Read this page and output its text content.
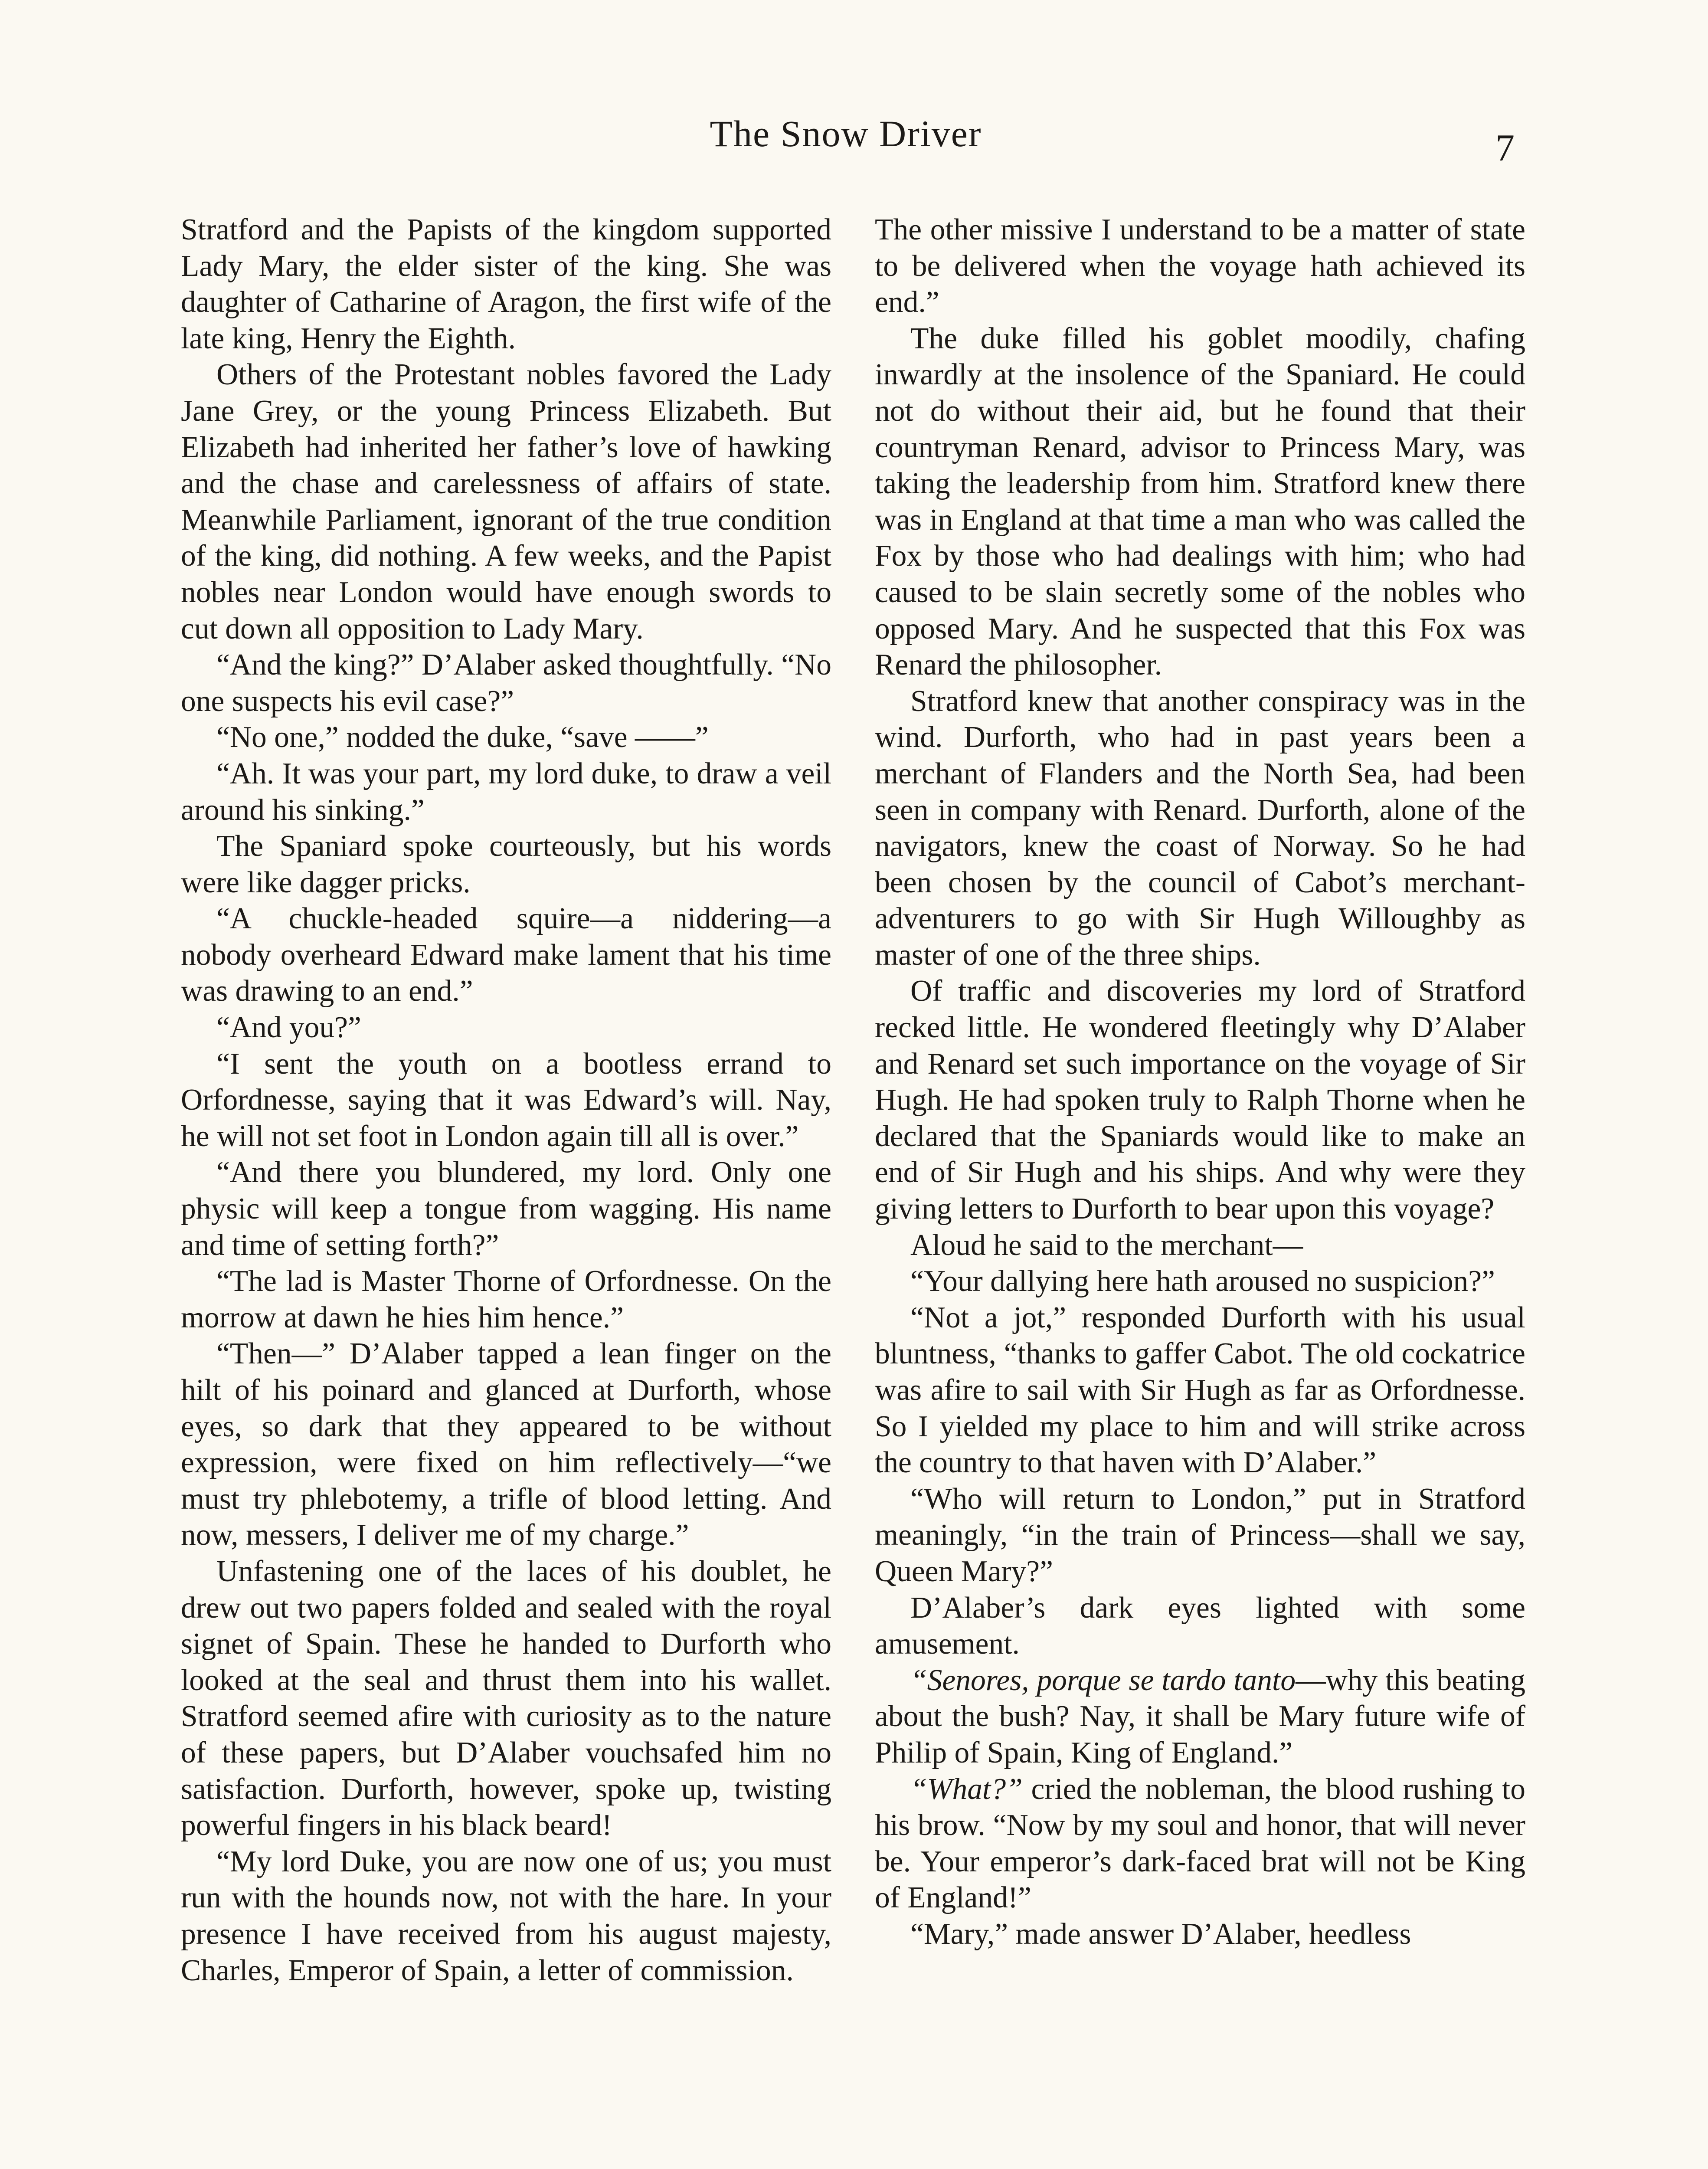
The Snow Driver	7

Stratford and the Papists of the kingdom supported Lady Mary, the elder sister of the king. She was daughter of Catharine of Aragon, the first wife of the late king, Henry the Eighth.

Others of the Protestant nobles favored the Lady Jane Grey, or the young Princess Elizabeth. But Elizabeth had inherited her father’s love of hawking and the chase and carelessness of affairs of state. Meanwhile Parliament, ignorant of the true condition of the king, did nothing. A few weeks, and the Papist nobles near London would have enough swords to cut down all opposition to Lady Mary.

“And the king?” D’Alaber asked thoughtfully. “No one suspects his evil case?”

“No one,” nodded the duke, “save ——”

“Ah. It was your part, my lord duke, to draw a veil around his sinking.”

The Spaniard spoke courteously, but his words were like dagger pricks.

“A chuckle-headed squire—a niddering—a nobody overheard Edward make lament that his time was drawing to an end.”

“And you?”

“I sent the youth on a bootless errand to Orfordnesse, saying that it was Edward’s will. Nay, he will not set foot in London again till all is over.”

“And there you blundered, my lord. Only one physic will keep a tongue from wagging. His name and time of setting forth?”

“The lad is Master Thorne of Orfordnesse. On the morrow at dawn he hies him hence.”

“Then—” D’Alaber tapped a lean finger on the hilt of his poinard and glanced at Durforth, whose eyes, so dark that they appeared to be without expression, were fixed on him reflectively—“we must try phlebotemy, a trifle of blood letting. And now, messers, I deliver me of my charge.”

Unfastening one of the laces of his doublet, he drew out two papers folded and sealed with the royal signet of Spain. These he handed to Durforth who looked at the seal and thrust them into his wallet. Stratford seemed afire with curiosity as to the nature of these papers, but D’Alaber vouchsafed him no satisfaction. Durforth, however, spoke up, twisting powerful fingers in his black beard!

“My lord Duke, you are now one of us; you must run with the hounds now, not with the hare. In your presence I have received from his august majesty, Charles, Emperor of Spain, a letter of commission.

The other missive I understand to be a matter of state to be delivered when the voyage hath achieved its end.”

The duke filled his goblet moodily, chafing inwardly at the insolence of the Spaniard. He could not do without their aid, but he found that their countryman Renard, advisor to Princess Mary, was taking the leadership from him. Stratford knew there was in England at that time a man who was called the Fox by those who had dealings with him; who had caused to be slain secretly some of the nobles who opposed Mary. And he suspected that this Fox was Renard the philosopher.

Stratford knew that another conspiracy was in the wind. Durforth, who had in past years been a merchant of Flanders and the North Sea, had been seen in company with Renard. Durforth, alone of the navigators, knew the coast of Norway. So he had been chosen by the council of Cabot’s merchant-adventurers to go with Sir Hugh Willoughby as master of one of the three ships.

Of traffic and discoveries my lord of Stratford recked little. He wondered fleetingly why D’Alaber and Renard set such importance on the voyage of Sir Hugh. He had spoken truly to Ralph Thorne when he declared that the Spaniards would like to make an end of Sir Hugh and his ships. And why were they giving letters to Durforth to bear upon this voyage?

Aloud he said to the merchant—

“Your dallying here hath aroused no suspicion?”

“Not a jot,” responded Durforth with his usual bluntness, “thanks to gaffer Cabot. The old cockatrice was afire to sail with Sir Hugh as far as Orfordnesse. So I yielded my place to him and will strike across the country to that haven with D’Alaber.”

“Who will return to London,” put in Stratford meaningly, “in the train of Princess—shall we say, Queen Mary?”

D’Alaber’s dark eyes lighted with some amusement.

“Senores, porque se tardo tanto—why this beating about the bush? Nay, it shall be Mary future wife of Philip of Spain, King of England.”

“What?” cried the nobleman, the blood rushing to his brow. “Now by my soul and honor, that will never be. Your emperor’s dark-faced brat will not be King of England!”

“Mary,” made answer D’Alaber, heedless
